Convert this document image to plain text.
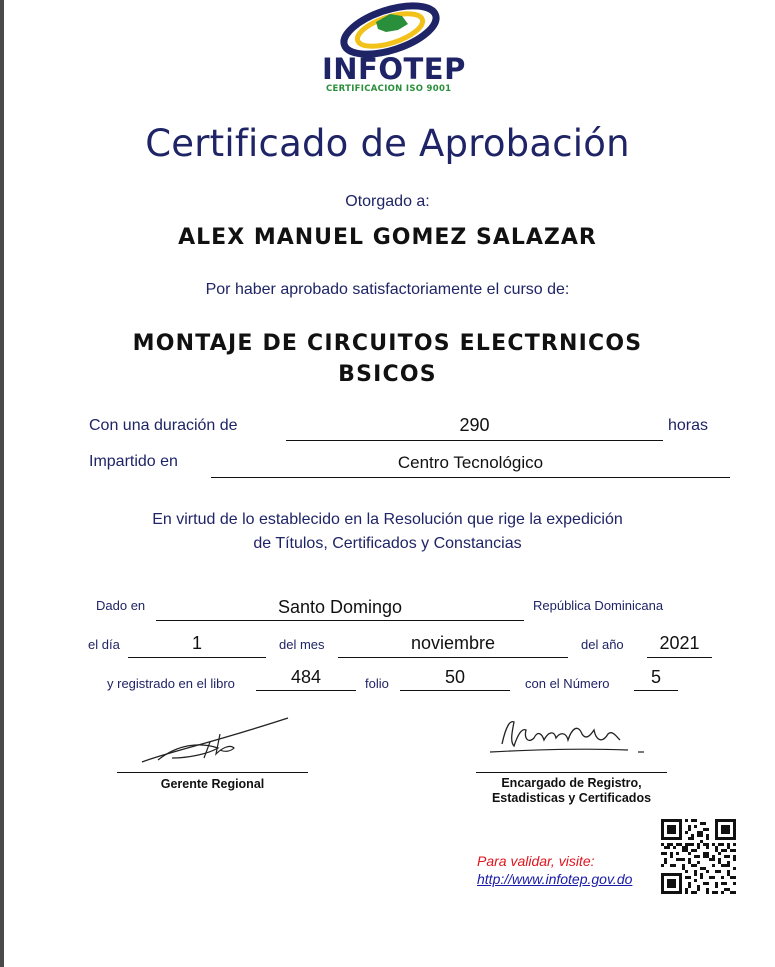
INFOTEP
CERTIFICACION ISO 9001
Certificado de Aprobación
Otorgado a:
ALEX MANUEL GOMEZ SALAZAR
Por haber aprobado satisfactoriamente el curso de:
MONTAJE DE CIRCUITOS ELECTRNICOS
BSICOS
Con una duración de	290	horas
Impartido en	Centro Tecnológico
En virtud de lo establecido en la Resolución que rige la expedición
de Títulos, Certificados y Constancias
Dado en	Santo Domingo	República Dominicana
el día	1	del mes	noviembre	del año	2021
y registrado en el libro	484	folio	50	con el Número	5
Gerente Regional	Encargado de Registro,
Estadisticas y Certificados
Para validar, visite:
http://www.infotep.gov.do
